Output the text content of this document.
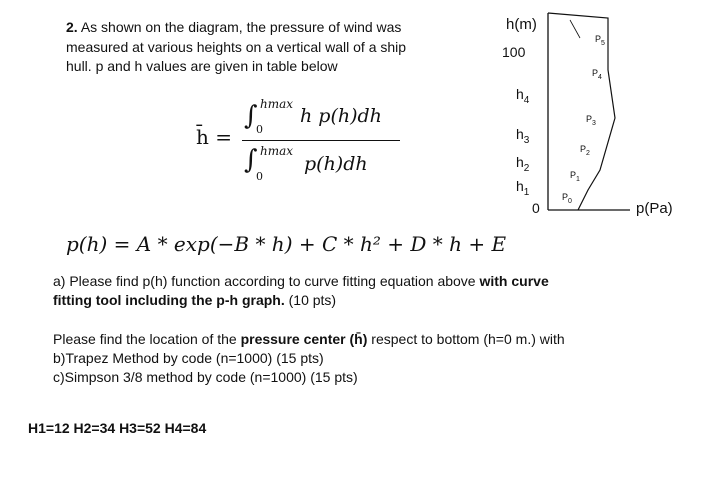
2. As shown on the diagram, the pressure of wind was
measured at various heights on a vertical wall of a ship
hull. p and h values are given in table below
h̄ =
∫ hmax
0
h p(h)dh
∫ hmax
0
p(h)dh
h(m)
100
$h_4$
$h_3$
$h_2$
$h_1$
0
$P_5$
$P_4$
$P_3$
$P_2$
$P_1$
$P_0$	p(Pa)
p(h) = A * exp(−B * h) + C * h² + D * h + E
a) Please find p(h) function according to curve fitting equation above with curve
fitting tool including the p-h graph. (10 pts)
Please find the location of the pressure center (h̄) respect to bottom (h=0 m.) with
b)Trapez Method by code (n=1000) (15 pts)
c)Simpson 3/8 method by code (n=1000) (15 pts)
H1=12 H2=34 H3=52 H4=84
